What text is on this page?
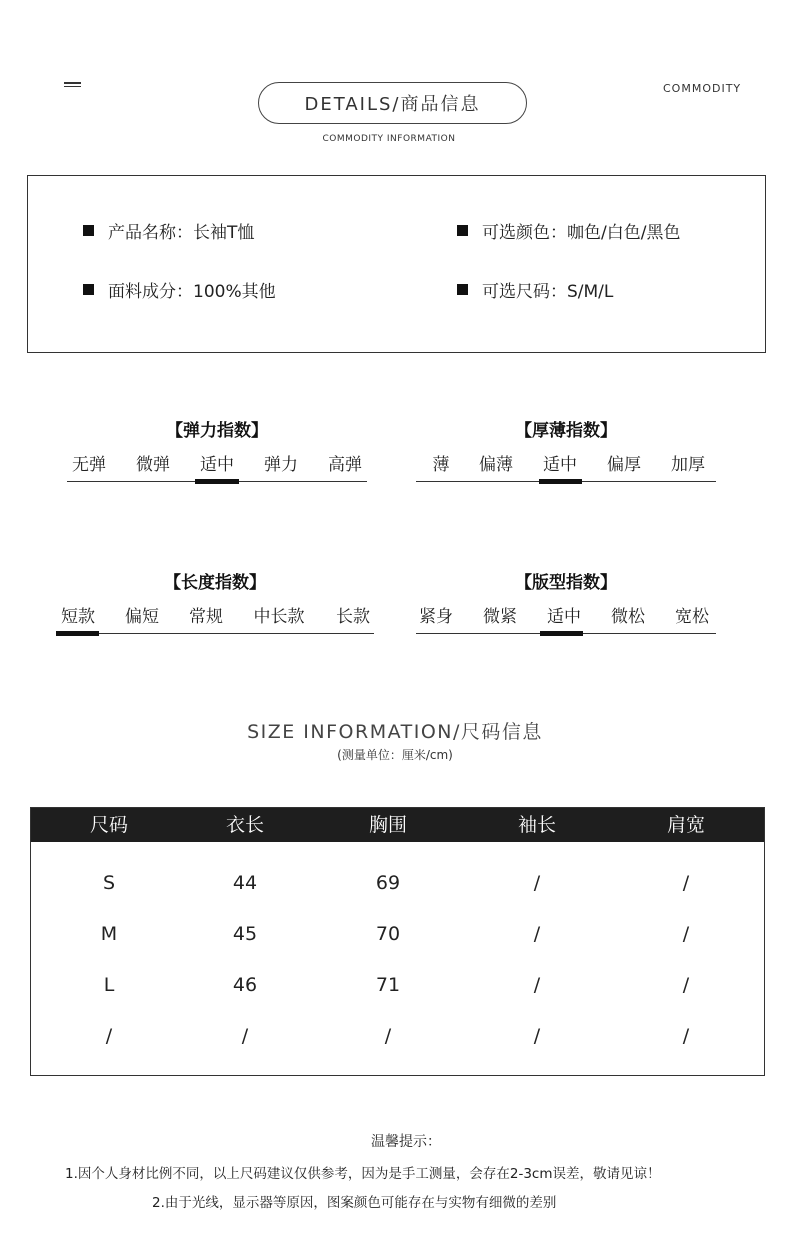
COMMODITY
DETAILS/商品信息
COMMODITY INFORMATION
产品名称：长袖T恤	可选颜色：咖色/白色/黑色
面料成分：100%其他	可选尺码：S/M/L
【弹力指数】
无弹 微弹 适中 弹力 高弹
【厚薄指数】
薄 偏薄 适中 偏厚 加厚
【长度指数】
短款 偏短 常规 中长款 长款
【版型指数】
紧身 微紧 适中 微松 宽松
SIZE INFORMATION/尺码信息
(测量单位：厘米/cm)
尺码	衣长	胸围	袖长	肩宽
S	44	69	/	/
M	45	70	/	/
L	46	71	/	/
/	/	/	/	/
温馨提示：
1.因个人身材比例不同，以上尺码建议仅供参考，因为是手工测量，会存在2-3cm误差，敬请见谅！
2.由于光线，显示器等原因，图案颜色可能存在与实物有细微的差别
